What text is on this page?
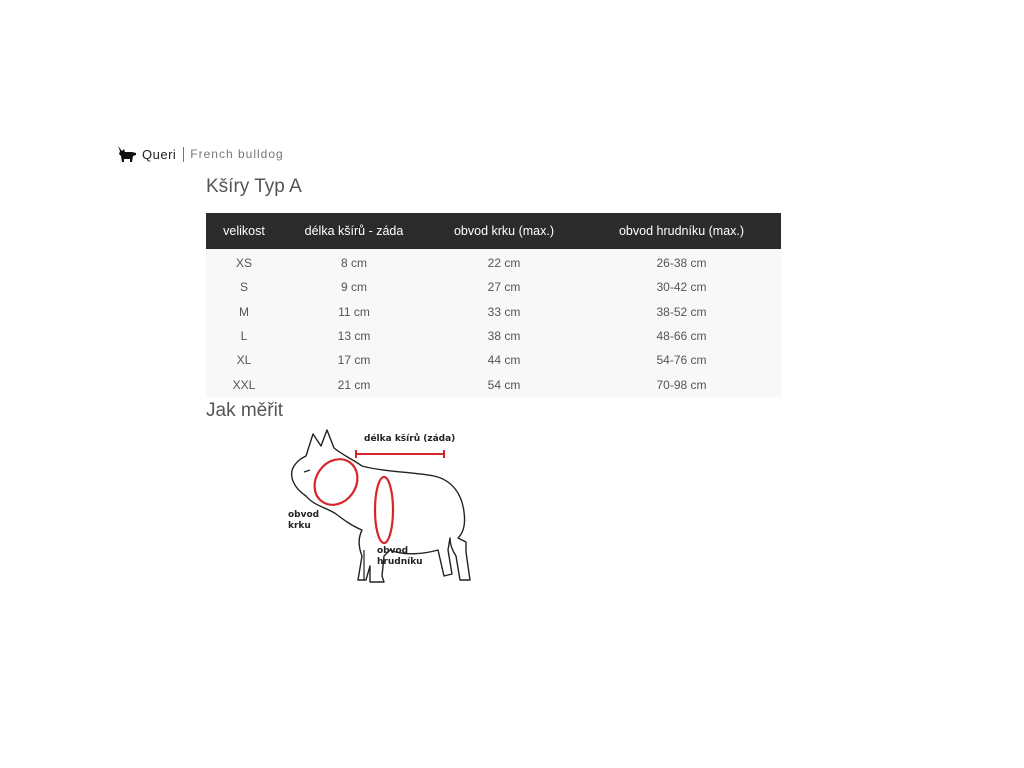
Queri French bulldog
Kšíry Typ A
velikost	délka kšírů - záda	obvod krku (max.)	obvod hrudníku (max.)
XS	8 cm	22 cm	26-38 cm
S	9 cm	27 cm	30-42 cm
M	11 cm	33 cm	38-52 cm
L	13 cm	38 cm	48-66 cm
XL	17 cm	44 cm	54-76 cm
XXL	21 cm	54 cm	70-98 cm
Jak měřit
délka kšírů (záda)
obvod
krku
obvod
hrudníku
